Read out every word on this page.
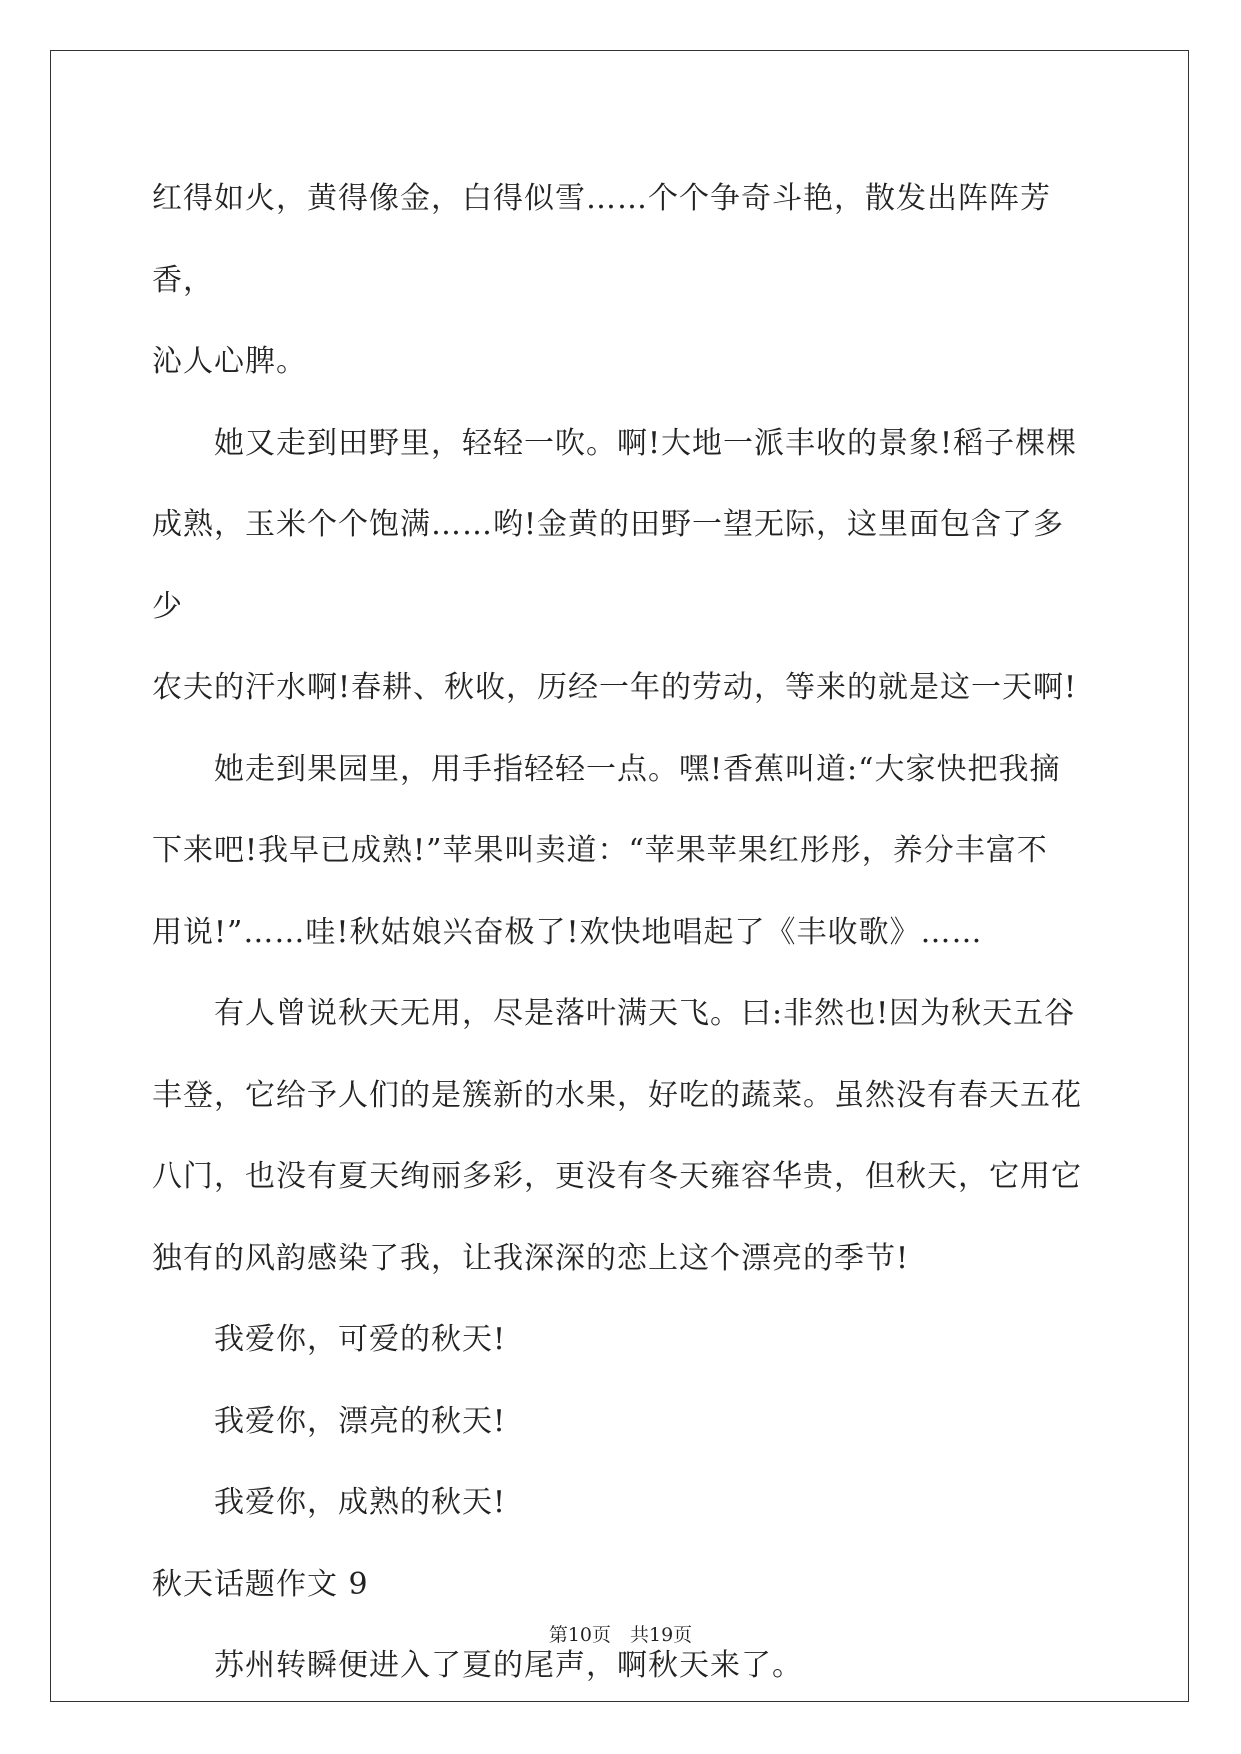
红得如火，黄得像金，白得似雪……个个争奇斗艳，散发出阵阵芳香，

沁人心脾。

她又走到田野里，轻轻一吹。啊!大地一派丰收的景象!稻子棵棵

成熟，玉米个个饱满……哟!金黄的田野一望无际，这里面包含了多少

农夫的汗水啊!春耕、秋收，历经一年的劳动，等来的就是这一天啊!

她走到果园里，用手指轻轻一点。嘿!香蕉叫道:“大家快把我摘

下来吧!我早已成熟!”苹果叫卖道：“苹果苹果红彤彤，养分丰富不

用说!”……哇!秋姑娘兴奋极了!欢快地唱起了《丰收歌》……

有人曾说秋天无用，尽是落叶满天飞。曰:非然也!因为秋天五谷

丰登，它给予人们的是簇新的水果，好吃的蔬菜。虽然没有春天五花

八门，也没有夏天绚丽多彩，更没有冬天雍容华贵，但秋天，它用它

独有的风韵感染了我，让我深深的恋上这个漂亮的季节!

我爱你，可爱的秋天!

我爱你，漂亮的秋天!

我爱你，成熟的秋天!

秋天话题作文 9

苏州转瞬便进入了夏的尾声，啊秋天来了。

第10页　共19页
